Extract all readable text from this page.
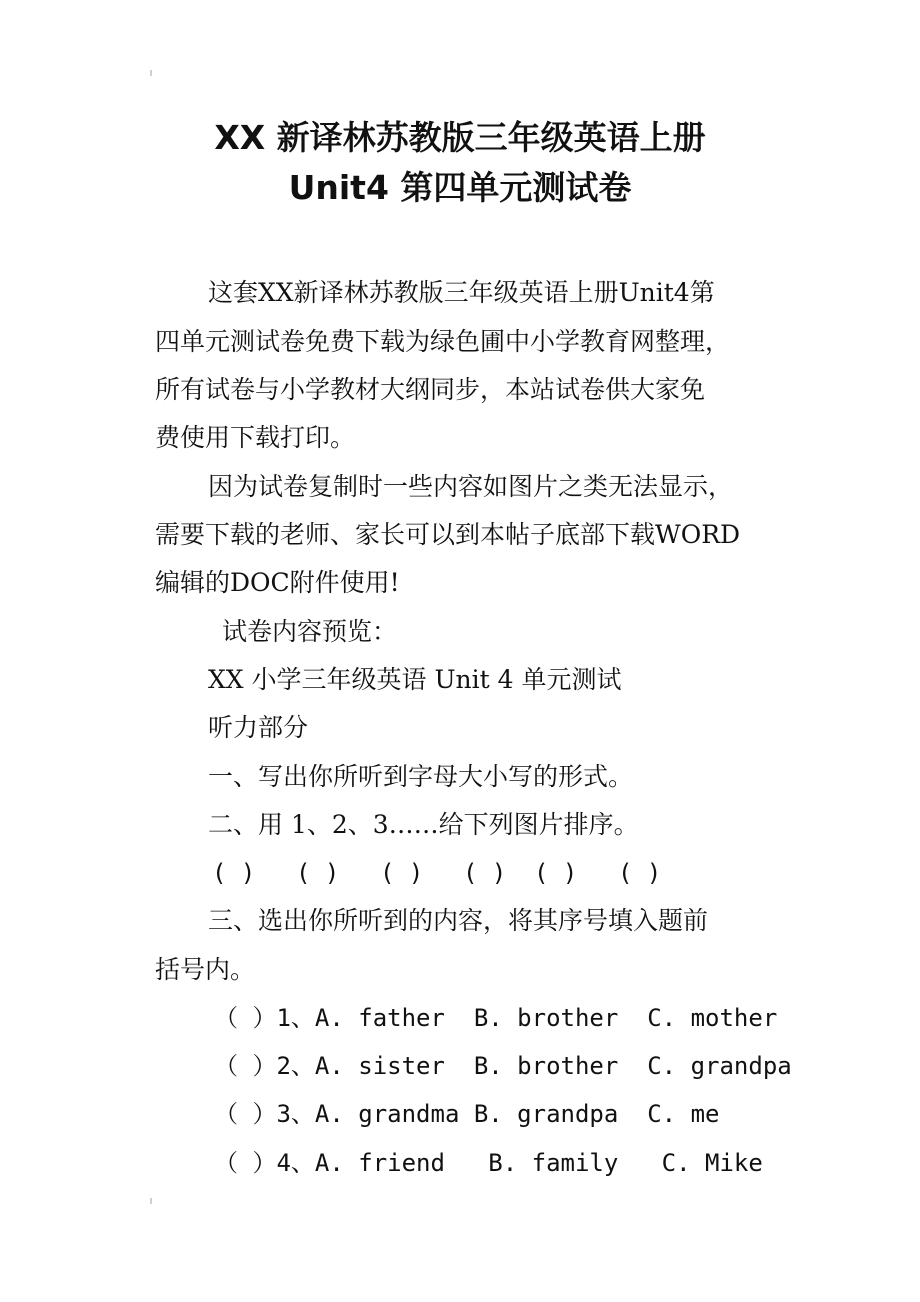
XX 新译林苏教版三年级英语上册
Unit4 第四单元测试卷

这套XX新译林苏教版三年级英语上册Unit4第

四单元测试卷免费下载为绿色圃中小学教育网整理，

所有试卷与小学教材大纲同步，本站试卷供大家免

费使用下载打印。

因为试卷复制时一些内容如图片之类无法显示，

需要下载的老师、家长可以到本帖子底部下载WORD

编辑的DOC附件使用!

试卷内容预览：

XX 小学三年级英语 Unit 4 单元测试

听力部分

一、写出你所听到字母大小写的形式。

二、用 1、2、3……给下列图片排序。

( ) ( ) ( ) ( ) ( ) ( )

三、选出你所听到的内容，将其序号填入题前

括号内。

（ ）1、A. father  B. brother  C. mother

（ ）2、A. sister  B. brother  C. grandpa

（ ）3、A. grandma B. grandpa  C. me

（ ）4、A. friend   B. family   C. Mike
